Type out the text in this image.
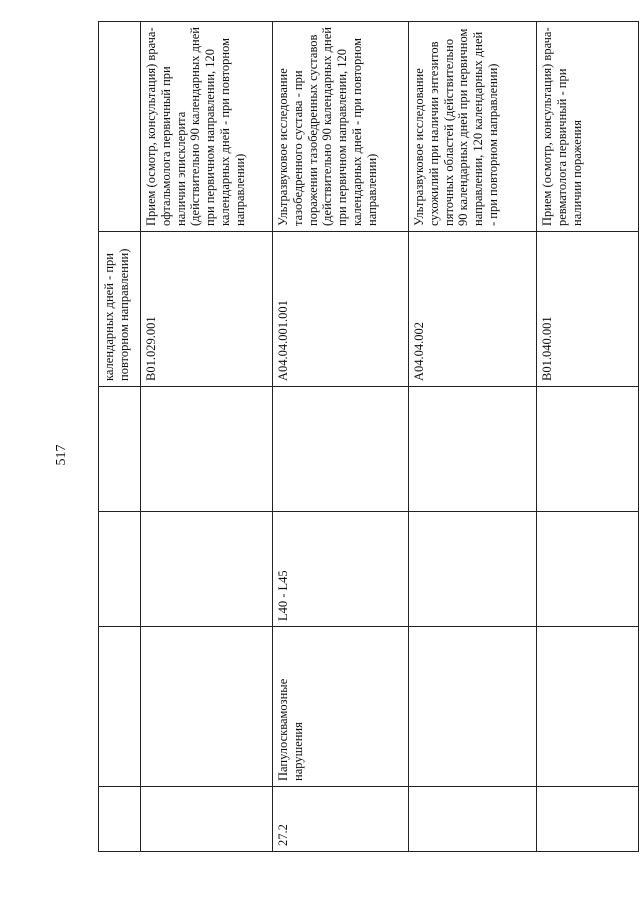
517
				календарных дней - при повторном направлении)	
				B01.029.001	Прием (осмотр, консультация) врача-офтальмолога первичный при наличии эписклерита (действительно 90 календарных дней при первичном направлении, 120 календарных дней - при повторном направлении)
27.2	Папулосквамозные нарушения	L40 - L45		A04.04.001.001	Ультразвуковое исследование тазобедренного сустава - при поражении тазобедренных суставов (действительно 90 календарных дней при первичном направлении, 120 календарных дней - при повторном направлении)
				A04.04.002	Ультразвуковое исследование сухожилий при наличии энтезитов пяточных областей (действительно 90 календарных дней при первичном направлении, 120 календарных дней - при повторном направлении)
				B01.040.001	Прием (осмотр, консультация) врача-ревматолога первичный - при наличии поражения
